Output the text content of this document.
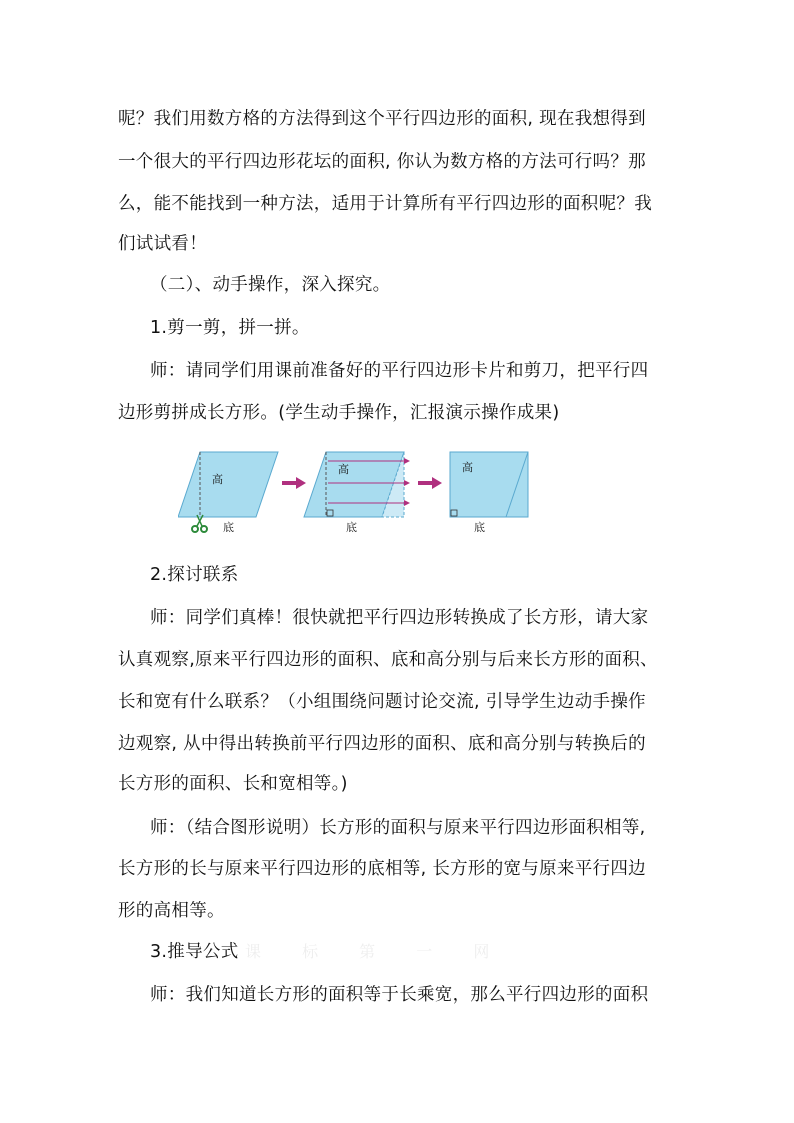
呢？我们用数方格的方法得到这个平行四边形的面积, 现在我想得到
一个很大的平行四边形花坛的面积, 你认为数方格的方法可行吗？那
么，能不能找到一种方法，适用于计算所有平行四边形的面积呢？我
们试试看！
（二）、动手操作，深入探究。
1.剪一剪，拼一拼。
师：请同学们用课前准备好的平行四边形卡片和剪刀，把平行四
边形剪拼成长方形。(学生动手操作，汇报演示操作成果)
高
底
高
底
高
底
2.探讨联系
师：同学们真棒！很快就把平行四边形转换成了长方形，请大家
认真观察,原来平行四边形的面积、底和高分别与后来长方形的面积、
长和宽有什么联系？（小组围绕问题讨论交流, 引导学生边动手操作
边观察, 从中得出转换前平行四边形的面积、底和高分别与转换后的
长方形的面积、长和宽相等。)
师：（结合图形说明）长方形的面积与原来平行四边形面积相等,
长方形的长与原来平行四边形的底相等, 长方形的宽与原来平行四边
形的高相等。
课 标 第 一 网
3.推导公式
师：我们知道长方形的面积等于长乘宽，那么平行四边形的面积
